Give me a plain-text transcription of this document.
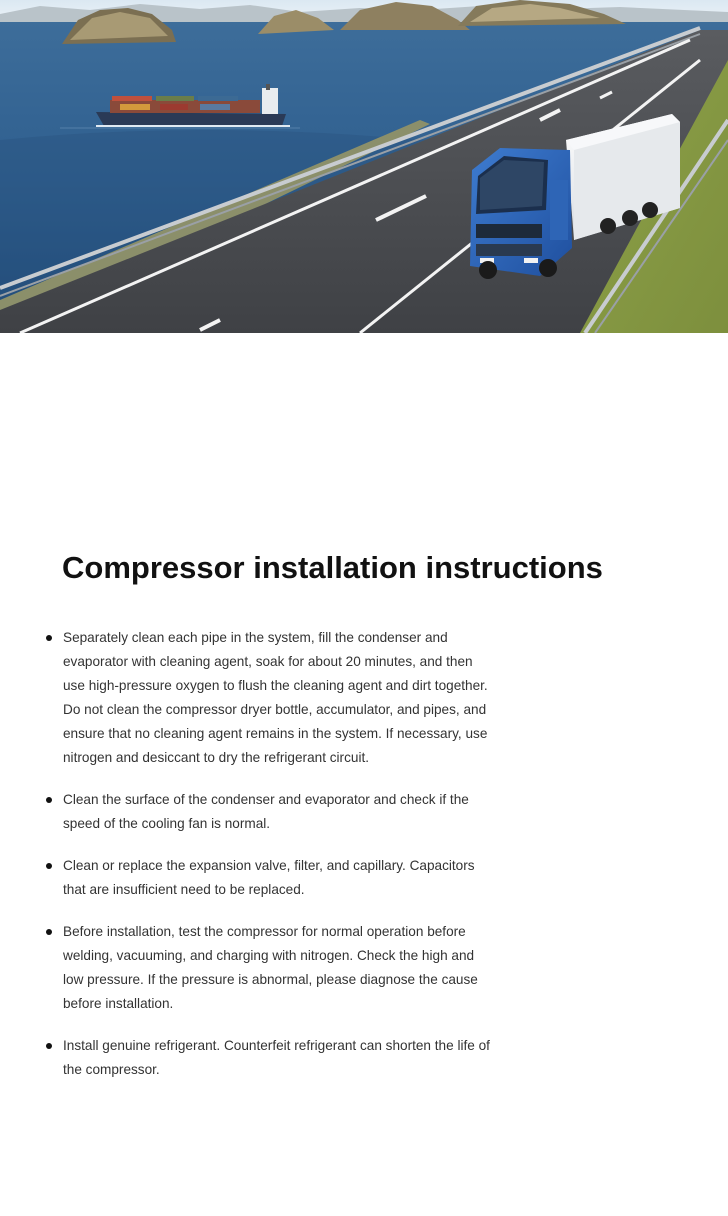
Compressor installation instructions
Separately clean each pipe in the system, fill the condenser and evaporator with cleaning agent, soak for about 20 minutes, and then use high-pressure oxygen to flush the cleaning agent and dirt together. Do not clean the compressor dryer bottle, accumulator, and pipes, and ensure that no cleaning agent remains in the system. If necessary, use nitrogen and desiccant to dry the refrigerant circuit.
Clean the surface of the condenser and evaporator and check if the speed of the cooling fan is normal.
Clean or replace the expansion valve, filter, and capillary. Capacitors that are insufficient need to be replaced.
Before installation, test the compressor for normal operation before welding, vacuuming, and charging with nitrogen. Check the high and low pressure. If the pressure is abnormal, please diagnose the cause before installation.
Install genuine refrigerant. Counterfeit refrigerant can shorten the life of the compressor.
